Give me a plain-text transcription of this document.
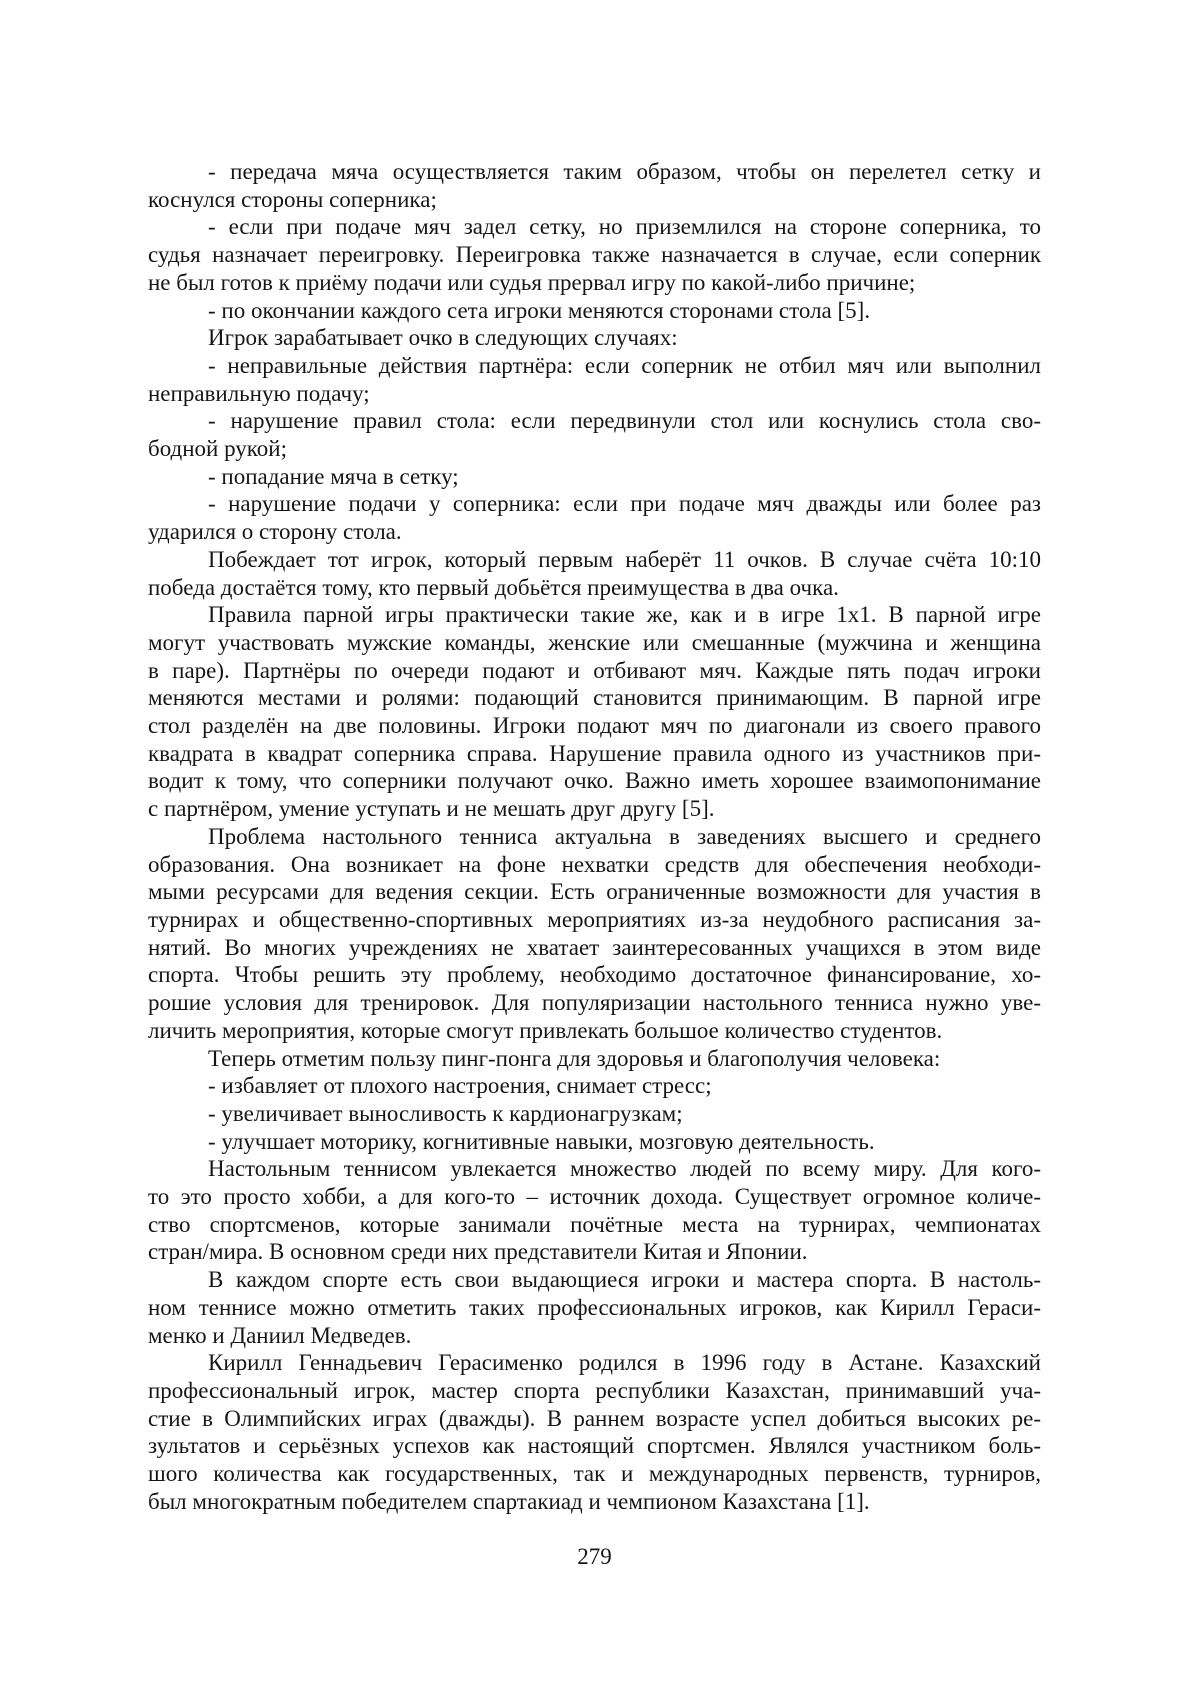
- передача мяча осуществляется таким образом, чтобы он перелетел сетку и
коснулся стороны соперника;
- если при подаче мяч задел сетку, но приземлился на стороне соперника, то
судья назначает переигровку. Переигровка также назначается в случае, если соперник
не был готов к приёму подачи или судья прервал игру по какой-либо причине;
- по окончании каждого сета игроки меняются сторонами стола [5].
Игрок зарабатывает очко в следующих случаях:
- неправильные действия партнёра: если соперник не отбил мяч или выполнил
неправильную подачу;
- нарушение правил стола: если передвинули стол или коснулись стола сво-
бодной рукой;
- попадание мяча в сетку;
- нарушение подачи у соперника: если при подаче мяч дважды или более раз
ударился о сторону стола.
Побеждает тот игрок, который первым наберёт 11 очков. В случае счёта 10:10
победа достаётся тому, кто первый добьётся преимущества в два очка.
Правила парной игры практически такие же, как и в игре 1х1. В парной игре
могут участвовать мужские команды, женские или смешанные (мужчина и женщина
в паре). Партнёры по очереди подают и отбивают мяч. Каждые пять подач игроки
меняются местами и ролями: подающий становится принимающим. В парной игре
стол разделён на две половины. Игроки подают мяч по диагонали из своего правого
квадрата в квадрат соперника справа. Нарушение правила одного из участников при-
водит к тому, что соперники получают очко. Важно иметь хорошее взаимопонимание
с партнёром, умение уступать и не мешать друг другу [5].
Проблема настольного тенниса актуальна в заведениях высшего и среднего
образования. Она возникает на фоне нехватки средств для обеспечения необходи-
мыми ресурсами для ведения секции. Есть ограниченные возможности для участия в
турнирах и общественно-спортивных мероприятиях из-за неудобного расписания за-
нятий. Во многих учреждениях не хватает заинтересованных учащихся в этом виде
спорта. Чтобы решить эту проблему, необходимо достаточное финансирование, хо-
рошие условия для тренировок. Для популяризации настольного тенниса нужно уве-
личить мероприятия, которые смогут привлекать большое количество студентов.
Теперь отметим пользу пинг-понга для здоровья и благополучия человека:
- избавляет от плохого настроения, снимает стресс;
- увеличивает выносливость к кардионагрузкам;
- улучшает моторику, когнитивные навыки, мозговую деятельность.
Настольным теннисом увлекается множество людей по всему миру. Для кого-
то это просто хобби, а для кого-то – источник дохода. Существует огромное количе-
ство спортсменов, которые занимали почётные места на турнирах, чемпионатах
стран/мира. В основном среди них представители Китая и Японии.
В каждом спорте есть свои выдающиеся игроки и мастера спорта. В настоль-
ном теннисе можно отметить таких профессиональных игроков, как Кирилл Гераси-
менко и Даниил Медведев.
Кирилл Геннадьевич Герасименко родился в 1996 году в Астане. Казахский
профессиональный игрок, мастер спорта республики Казахстан, принимавший уча-
стие в Олимпийских играх (дважды). В раннем возрасте успел добиться высоких ре-
зультатов и серьёзных успехов как настоящий спортсмен. Являлся участником боль-
шого количества как государственных, так и международных первенств, турниров,
был многократным победителем спартакиад и чемпионом Казахстана [1].
279
